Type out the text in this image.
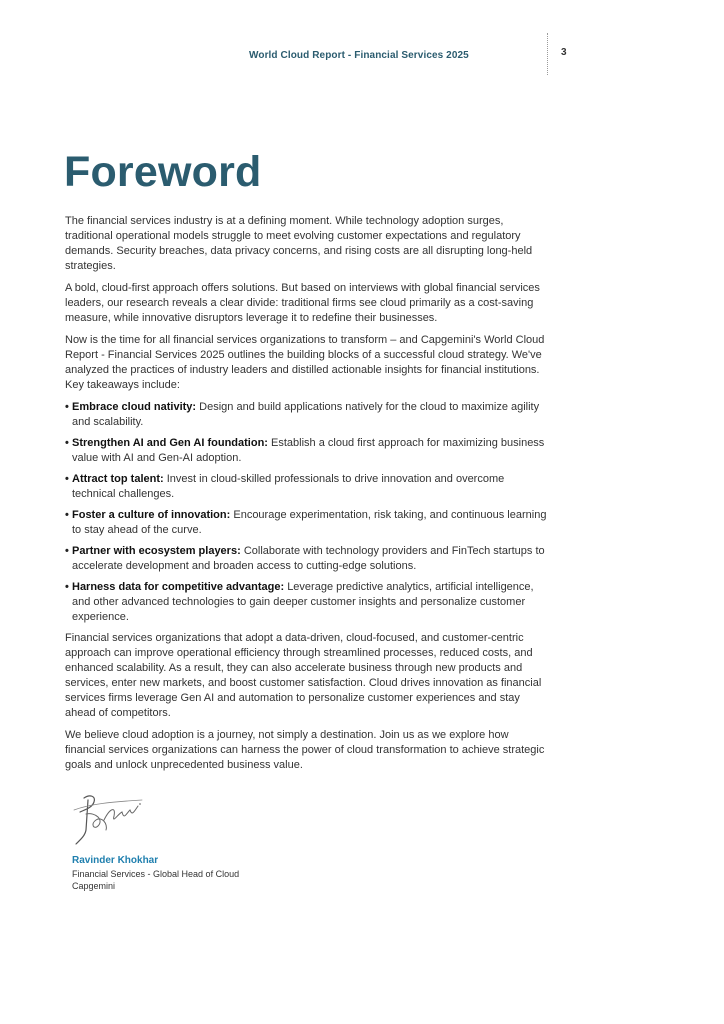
World Cloud Report - Financial Services 2025	3
Foreword

The financial services industry is at a defining moment. While technology adoption surges, traditional operational models struggle to meet evolving customer expectations and regulatory demands. Security breaches, data privacy concerns, and rising costs are all disrupting long-held strategies.

A bold, cloud-first approach offers solutions. But based on interviews with global financial services leaders, our research reveals a clear divide: traditional firms see cloud primarily as a cost-saving measure, while innovative disruptors leverage it to redefine their businesses.

Now is the time for all financial services organizations to transform – and Capgemini's World Cloud Report - Financial Services 2025 outlines the building blocks of a successful cloud strategy. We've analyzed the practices of industry leaders and distilled actionable insights for financial institutions. Key takeaways include:

• Embrace cloud nativity: Design and build applications natively for the cloud to maximize agility and scalability.
• Strengthen AI and Gen AI foundation: Establish a cloud first approach for maximizing business value with AI and Gen-AI adoption.
• Attract top talent: Invest in cloud-skilled professionals to drive innovation and overcome technical challenges.
• Foster a culture of innovation: Encourage experimentation, risk taking, and continuous learning to stay ahead of the curve.
• Partner with ecosystem players: Collaborate with technology providers and FinTech startups to accelerate development and broaden access to cutting-edge solutions.
• Harness data for competitive advantage: Leverage predictive analytics, artificial intelligence, and other advanced technologies to gain deeper customer insights and personalize customer experience.

Financial services organizations that adopt a data-driven, cloud-focused, and customer-centric approach can improve operational efficiency through streamlined processes, reduced costs, and enhanced scalability. As a result, they can also accelerate business through new products and services, enter new markets, and boost customer satisfaction. Cloud drives innovation as financial services firms leverage Gen AI and automation to personalize customer experiences and stay ahead of competitors.

We believe cloud adoption is a journey, not simply a destination. Join us as we explore how financial services organizations can harness the power of cloud transformation to achieve strategic goals and unlock unprecedented business value.

Ravinder Khokhar
Financial Services - Global Head of Cloud
Capgemini
